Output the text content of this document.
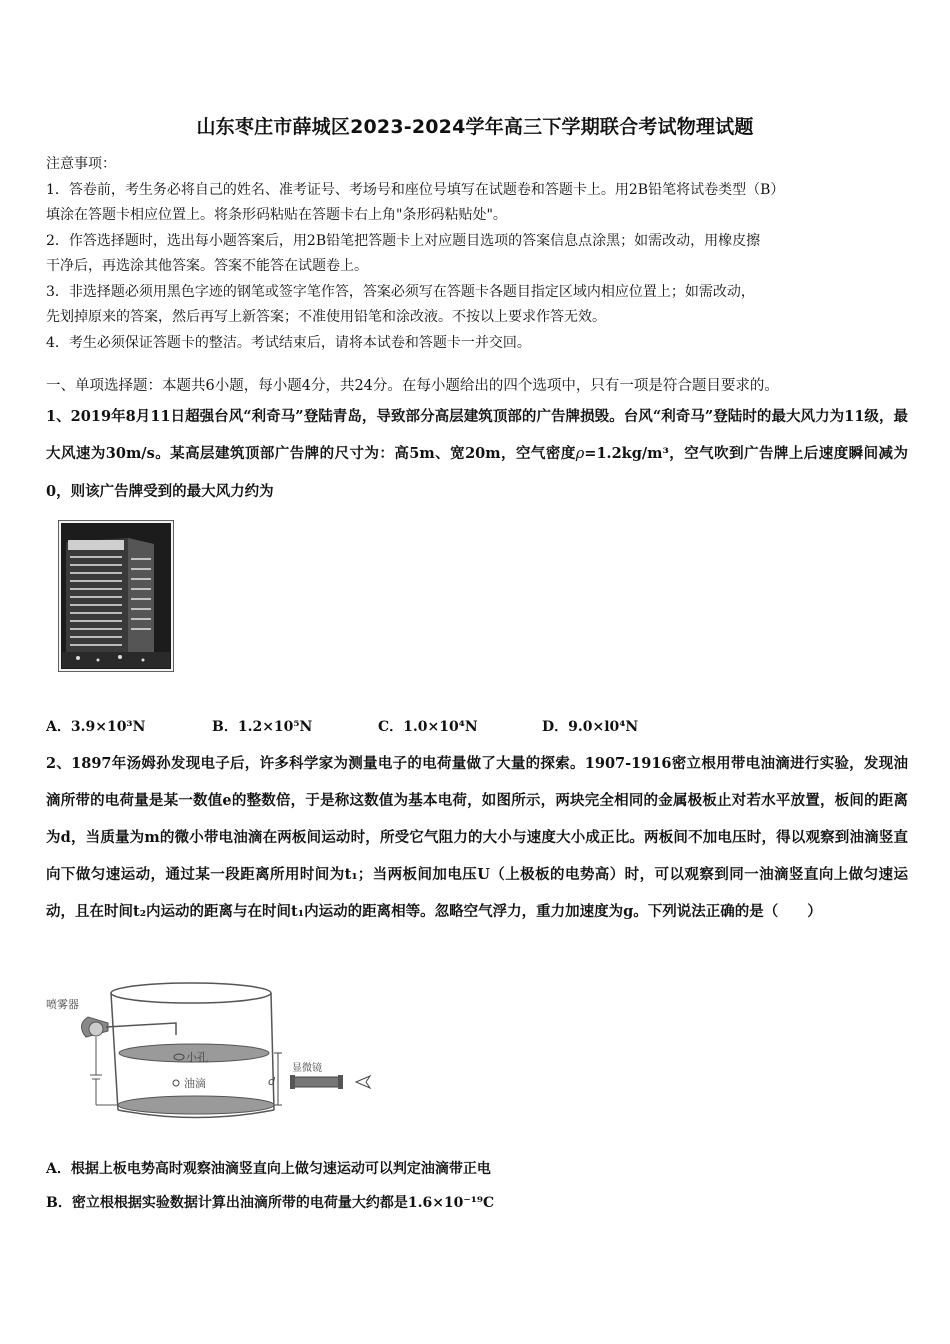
山东枣庄市薛城区2023-2024学年高三下学期联合考试物理试题

注意事项：

1．答卷前，考生务必将自己的姓名、准考证号、考场号和座位号填写在试题卷和答题卡上。用2B铅笔将试卷类型（B）

填涂在答题卡相应位置上。将条形码粘贴在答题卡右上角"条形码粘贴处"。

2．作答选择题时，选出每小题答案后，用2B铅笔把答题卡上对应题目选项的答案信息点涂黑；如需改动，用橡皮擦

干净后，再选涂其他答案。答案不能答在试题卷上。

3．非选择题必须用黑色字迹的钢笔或签字笔作答，答案必须写在答题卡各题目指定区域内相应位置上；如需改动，

先划掉原来的答案，然后再写上新答案；不准使用铅笔和涂改液。不按以上要求作答无效。

4．考生必须保证答题卡的整洁。考试结束后，请将本试卷和答题卡一并交回。

一、单项选择题：本题共6小题，每小题4分，共24分。在每小题给出的四个选项中，只有一项是符合题目要求的。
1、2019年8月11日超强台风“利奇马”登陆青岛，导致部分高层建筑顶部的广告牌损毁。台风“利奇马”登陆时的最大风力为11级，最大风速为30m/s。某高层建筑顶部广告牌的尺寸为：高5m、宽20m，空气密度ρ=1.2kg/m³，空气吹到广告牌上后速度瞬间减为0，则该广告牌受到的最大风力约为
A．3.9×10³N	B．1.2×10⁵N	C．1.0×10⁴N	D．9.0×l0⁴N
2、1897年汤姆孙发现电子后，许多科学家为测量电子的电荷量做了大量的探索。1907-1916密立根用带电油滴进行实验，发现油滴所带的电荷量是某一数值e的整数倍，于是称这数值为基本电荷，如图所示，两块完全相同的金属极板止对若水平放置，板间的距离为d，当质量为m的微小带电油滴在两板间运动时，所受它气阻力的大小与速度大小成正比。两板间不加电压时，得以观察到油滴竖直向下做匀速运动，通过某一段距离所用时间为t₁；当两板间加电压U（上极板的电势高）时，可以观察到同一油滴竖直向上做匀速运动，且在时间t₂内运动的距离与在时间t₁内运动的距离相等。忽略空气浮力，重力加速度为g。下列说法正确的是（　　）
喷雾器
小孔
油滴	d
显微镜
A．根据上板电势高时观察油滴竖直向上做匀速运动可以判定油滴带正电
B．密立根根据实验数据计算出油滴所带的电荷量大约都是1.6×10⁻¹⁹C
